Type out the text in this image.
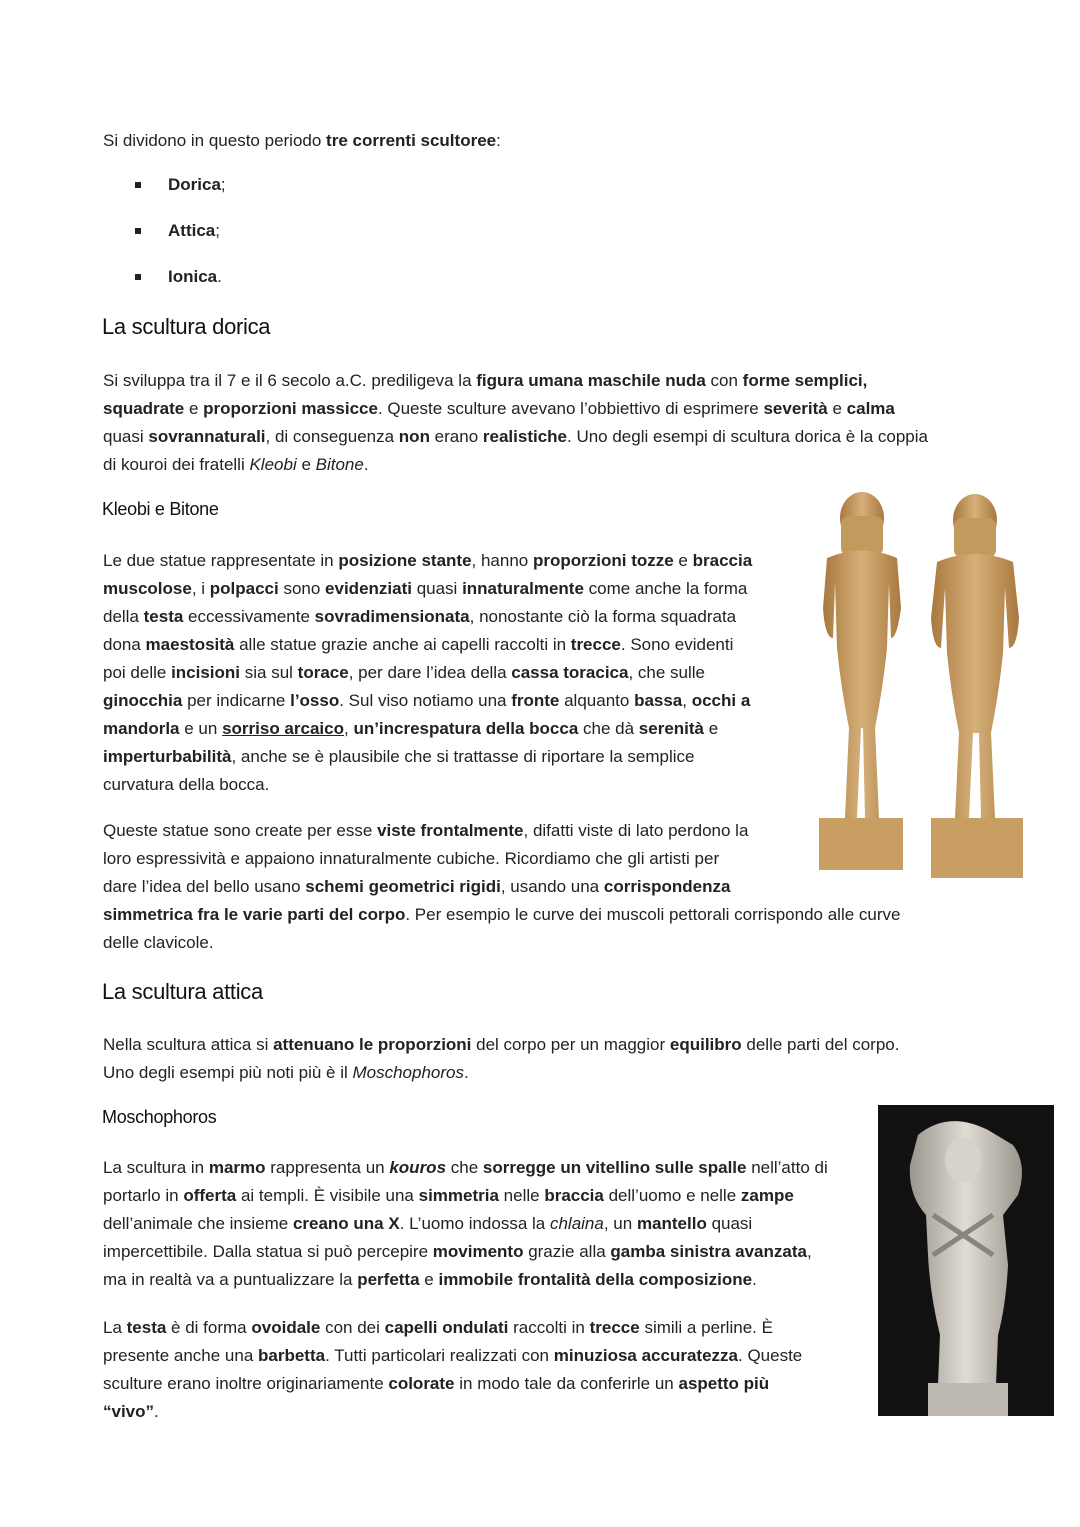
Si dividono in questo periodo tre correnti scultoree:

Dorica;
Attica;
Ionica.
La scultura dorica

Si sviluppa tra il 7 e il 6 secolo a.C. prediligeva la figura umana maschile nuda con forme semplici,
squadrate e proporzioni massicce. Queste sculture avevano l’obbiettivo di esprimere severità e calma
quasi sovrannaturali, di conseguenza non erano realistiche. Uno degli esempi di scultura dorica è la coppia
di kouroi dei fratelli Kleobi e Bitone.

Kleobi e Bitone

Le due statue rappresentate in posizione stante, hanno proporzioni tozze e braccia
muscolose, i polpacci sono evidenziati quasi innaturalmente come anche la forma
della testa eccessivamente sovradimensionata, nonostante ciò la forma squadrata
dona maestosità alle statue grazie anche ai capelli raccolti in trecce. Sono evidenti
poi delle incisioni sia sul torace, per dare l’idea della cassa toracica, che sulle
ginocchia per indicarne l’osso. Sul viso notiamo una fronte alquanto bassa, occhi a
mandorla e un sorriso arcaico, un’increspatura della bocca che dà serenità e
imperturbabilità, anche se è plausibile che si trattasse di riportare la semplice
curvatura della bocca.

Queste statue sono create per esse viste frontalmente, difatti viste di lato perdono la
loro espressività e appaiono innaturalmente cubiche. Ricordiamo che gli artisti per
dare l’idea del bello usano schemi geometrici rigidi, usando una corrispondenza
simmetrica fra le varie parti del corpo. Per esempio le curve dei muscoli pettorali corrispondo alle curve
delle clavicole.

La scultura attica

Nella scultura attica si attenuano le proporzioni del corpo per un maggior equilibro delle parti del corpo.
Uno degli esempi più noti più è il Moschophoros.

Moschophoros

La scultura in marmo rappresenta un kouros che sorregge un vitellino sulle spalle nell’atto di
portarlo in offerta ai templi. È visibile una simmetria nelle braccia dell’uomo e nelle zampe
dell’animale che insieme creano una X. L’uomo indossa la chlaina, un mantello quasi
impercettibile. Dalla statua si può percepire movimento grazie alla gamba sinistra avanzata,
ma in realtà va a puntualizzare la perfetta e immobile frontalità della composizione.

La testa è di forma ovoidale con dei capelli ondulati raccolti in trecce simili a perline. È
presente anche una barbetta. Tutti particolari realizzati con minuziosa accuratezza. Queste
sculture erano inoltre originariamente colorate in modo tale da conferirle un aspetto più
“vivo”.
